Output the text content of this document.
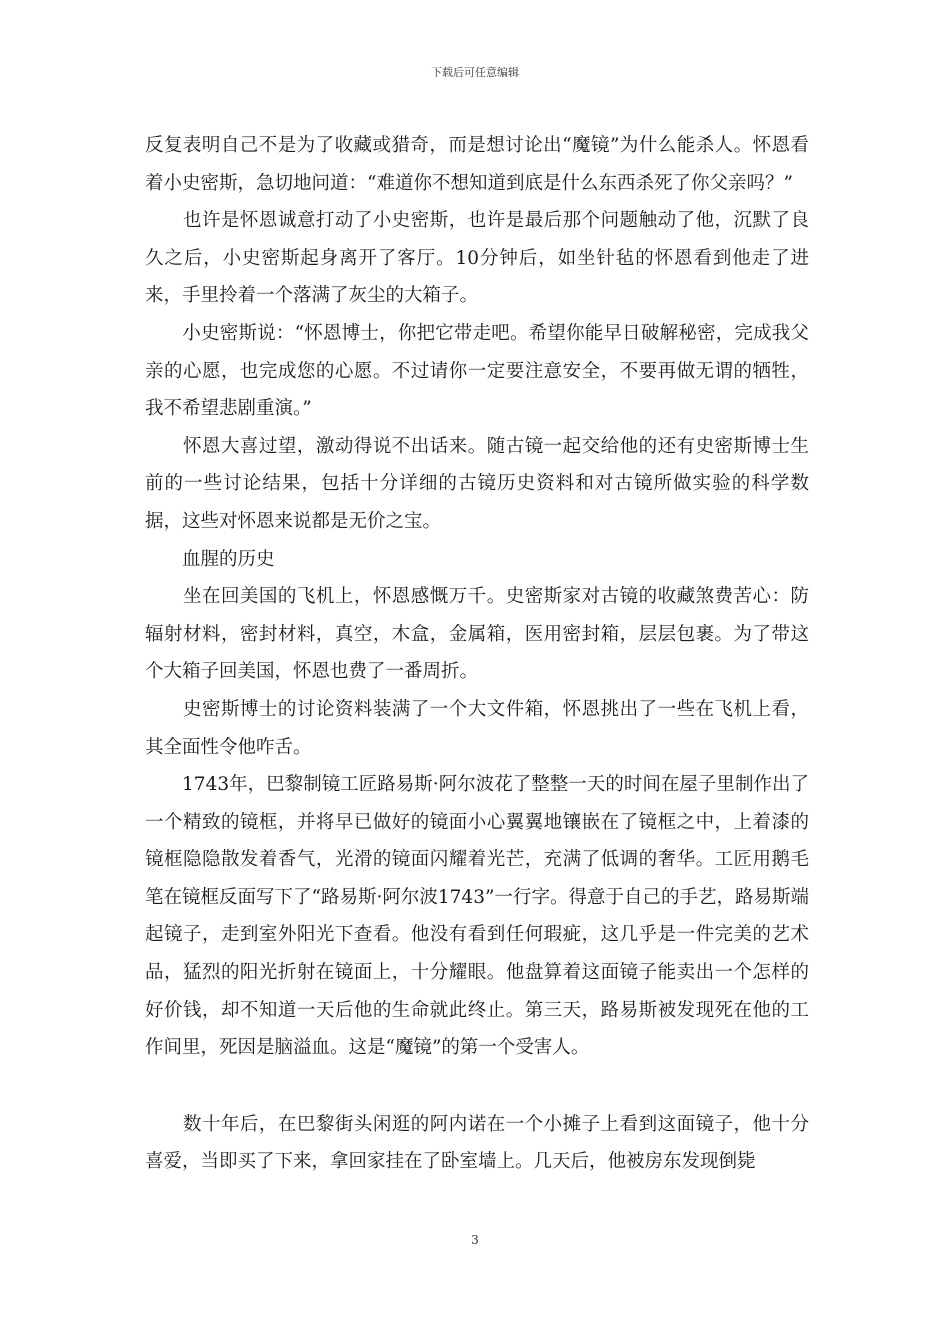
下载后可任意编辑

反复表明自己不是为了收藏或猎奇，而是想讨论出“魔镜”为什么能杀人。怀恩看着小史密斯，急切地问道：“难道你不想知道到底是什么东西杀死了你父亲吗？”

　　也许是怀恩诚意打动了小史密斯，也许是最后那个问题触动了他，沉默了良久之后，小史密斯起身离开了客厅。10分钟后，如坐针毡的怀恩看到他走了进来，手里拎着一个落满了灰尘的大箱子。

　　小史密斯说：“怀恩博士，你把它带走吧。希望你能早日破解秘密，完成我父亲的心愿，也完成您的心愿。不过请你一定要注意安全，不要再做无谓的牺牲，我不希望悲剧重演。”

　　怀恩大喜过望，激动得说不出话来。随古镜一起交给他的还有史密斯博士生前的一些讨论结果，包括十分详细的古镜历史资料和对古镜所做实验的科学数据，这些对怀恩来说都是无价之宝。

　　血腥的历史

　　坐在回美国的飞机上，怀恩感慨万千。史密斯家对古镜的收藏煞费苦心：防辐射材料，密封材料，真空，木盒，金属箱，医用密封箱，层层包裹。为了带这个大箱子回美国，怀恩也费了一番周折。

　　史密斯博士的讨论资料装满了一个大文件箱，怀恩挑出了一些在飞机上看，其全面性令他咋舌。

　　1743年，巴黎制镜工匠路易斯·阿尔波花了整整一天的时间在屋子里制作出了一个精致的镜框，并将早已做好的镜面小心翼翼地镶嵌在了镜框之中，上着漆的镜框隐隐散发着香气，光滑的镜面闪耀着光芒，充满了低调的奢华。工匠用鹅毛笔在镜框反面写下了“路易斯·阿尔波1743”一行字。得意于自己的手艺，路易斯端起镜子，走到室外阳光下查看。他没有看到任何瑕疵，这几乎是一件完美的艺术品，猛烈的阳光折射在镜面上，十分耀眼。他盘算着这面镜子能卖出一个怎样的好价钱，却不知道一天后他的生命就此终止。第三天，路易斯被发现死在他的工作间里，死因是脑溢血。这是“魔镜”的第一个受害人。

　　数十年后，在巴黎街头闲逛的阿内诺在一个小摊子上看到这面镜子，他十分喜爱，当即买了下来，拿回家挂在了卧室墙上。几天后，他被房东发现倒毙

3
